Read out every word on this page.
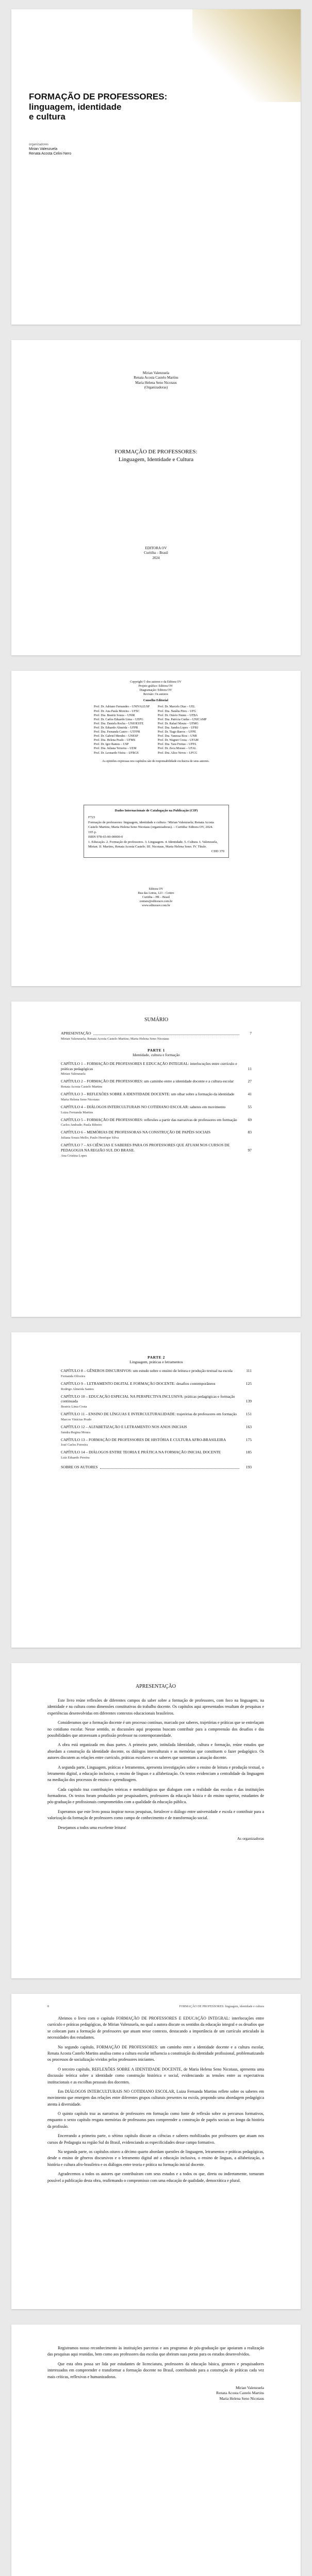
FORMAÇÃO DE PROFESSORES:
linguagem, identidade
e cultura
organizadores
Mirian Valenzuela
Renata Acosta Celini Nero
Mirian Valenzuela
Renata Acosta Castelo Martins
Maria Helena Seno Nicotaus
(Organizadoras)
FORMAÇÃO DE PROFESSORES:
Linguagem, Identidade e Cultura
EDITORA OV
Curitiba – Brasil
2024
Copyright © dos autores e da Editora OV
Projeto gráfico: Editora OV
Diagramação: Editora OV
Revisão: Os autores
Conselho Editorial
Prof. Dr. Adriano Fernandes – UNIVALE/SP
Prof. Dr. Ana Paula Moreira – UFSC
Prof. Dra. Beatriz Souza – UNIR
Prof. Dr. Carlos Eduardo Lima – UEPG
Prof. Dra. Daniela Rocha – UNIOESTE
Prof. Dr. Eduardo Almeida – UFPR
Prof. Dra. Fernanda Castro – UTFPR
Prof. Dr. Gabriel Mendes – UNESP
Prof. Dra. Helena Prado – UFMS
Prof. Dr. Igor Ramos – USP
Prof. Dra. Juliana Teixeira – UEM
Prof. Dr. Leonardo Vieira – UFRGS
Prof. Dr. Marcelo Dias – UEL
Prof. Dra. Natália Pires – UFG
Prof. Dr. Otávio Nunes – UFBA
Prof. Dra. Patrícia Cunha – UNICAMP
Prof. Dr. Rafael Moura – UFMG
Prof. Dra. Sandra Lopes – UFRJ
Prof. Dr. Tiago Barros – UFPE
Prof. Dra. Vanessa Rios – UNB
Prof. Dr. Wagner Costa – UFAM
Prof. Dra. Yara Freitas – UFPA
Prof. Dr. Zeca Moraes – UFAL
Prof. Dra. Alice Neves – UFCG
As opiniões expressas nos capítulos são de responsabilidade exclusiva de seus autores.
Dados Internacionais de Catalogação na Publicação (CIP)
F723
Formação de professores: linguagem, identidade e cultura / Mirian Valenzuela; Renata Acosta Castelo Martins; Maria Helena Seno Nicotaus (organizadoras). – Curitiba: Editora OV, 2024.
195 p.
ISBN 978-65-00-00000-0
1. Educação. 2. Formação de professores. 3. Linguagem. 4. Identidade. 5. Cultura. I. Valenzuela, Mirian. II. Martins, Renata Acosta Castelo. III. Nicotaus, Maria Helena Seno. IV. Título.
CDD 370
Editora OV
Rua das Letras, 123 – Centro
Curitiba – PR – Brasil
contato@editoraov.com.br
www.editoraov.com.br
SUMÁRIO
APRESENTAÇÃO	7
Mirian Valenzuela; Renata Acosta Castelo Martins; Maria Helena Seno Nicotaus
PARTE 1
Identidade, cultura e formação
CAPÍTULO 1 – FORMAÇÃO DE PROFESSORES E EDUCAÇÃO INTEGRAL: interlocuções entre currículo e práticas pedagógicas	11
Mirian Valenzuela
CAPÍTULO 2 – FORMAÇÃO DE PROFESSORES: um caminho entre a identidade docente e a cultura escolar	27
Renata Acosta Castelo Martins
CAPÍTULO 3 – REFLEXÕES SOBRE A IDENTIDADE DOCENTE: um olhar sobre a formação da identidade	41
Maria Helena Seno Nicotaus
CAPÍTULO 4 – DIÁLOGOS INTERCULTURAIS NO COTIDIANO ESCOLAR: saberes em movimento	55
Luiza Fernanda Martins
CAPÍTULO 5 – FORMAÇÃO DE PROFESSORES: reflexões a partir das narrativas de professores em formação	69
Carlos Andrade; Paula Ribeiro
CAPÍTULO 6 – MEMÓRIAS DE PROFESSORAS NA CONSTRUÇÃO DE PAPÉIS SOCIAIS	83
Juliana Souza Mello; Paulo Henrique Silva
CAPÍTULO 7 – AS CIÊNCIAS E SABERES PARA OS PROFESSORES QUE ATUAM NOS CURSOS DE PEDAGOGIA NA REGIÃO SUL DO BRASIL	97
Ana Cristina Lopes
PARTE 2
Linguagem, práticas e letramentos
CAPÍTULO 8 – GÊNEROS DISCURSIVOS: um estudo sobre o ensino de leitura e produção textual na escola	111
Fernanda Oliveira
CAPÍTULO 9 – LETRAMENTO DIGITAL E FORMAÇÃO DOCENTE: desafios contemporâneos	125
Rodrigo Almeida Santos
CAPÍTULO 10 – EDUCAÇÃO ESPECIAL NA PERSPECTIVA INCLUSIVA: práticas pedagógicas e formação continuada	139
Beatriz Lima Costa
CAPÍTULO 11 – ENSINO DE LÍNGUAS E INTERCULTURALIDADE: trajetórias de professores em formação	151
Marcos Vinícius Prado
CAPÍTULO 12 – ALFABETIZAÇÃO E LETRAMENTO NOS ANOS INICIAIS	163
Sandra Regina Moura
CAPÍTULO 13 – FORMAÇÃO DE PROFESSORES DE HISTÓRIA E CULTURA AFRO-BRASILEIRA	175
José Carlos Ferreira
CAPÍTULO 14 – DIÁLOGOS ENTRE TEORIA E PRÁTICA NA FORMAÇÃO INICIAL DOCENTE	185
Luiz Eduardo Pereira
SOBRE OS AUTORES	193
APRESENTAÇÃO

Este livro reúne reflexões de diferentes campos do saber sobre a formação de professores, com foco na linguagem, na identidade e na cultura como dimensões constitutivas do trabalho docente. Os capítulos aqui apresentados resultam de pesquisas e experiências desenvolvidas em diferentes contextos educacionais brasileiros.

Consideramos que a formação docente é um processo contínuo, marcado por saberes, trajetórias e práticas que se entrelaçam no cotidiano escolar. Nesse sentido, as discussões aqui propostas buscam contribuir para a compreensão dos desafios e das possibilidades que atravessam a profissão professor na contemporaneidade.

A obra está organizada em duas partes. A primeira parte, intitulada Identidade, cultura e formação, reúne estudos que abordam a construção da identidade docente, os diálogos interculturais e as memórias que constituem o fazer pedagógico. Os autores discutem as relações entre currículo, práticas escolares e os saberes que sustentam a atuação docente.

A segunda parte, Linguagem, práticas e letramentos, apresenta investigações sobre o ensino de leitura e produção textual, o letramento digital, a educação inclusiva, o ensino de línguas e a alfabetização. Os textos evidenciam a centralidade da linguagem na mediação dos processos de ensino e aprendizagem.

Cada capítulo traz contribuições teóricas e metodológicas que dialogam com a realidade das escolas e das instituições formadoras. Os textos foram produzidos por pesquisadores, professores da educação básica e do ensino superior, estudantes de pós-graduação e profissionais comprometidos com a qualidade da educação pública.

Esperamos que este livro possa inspirar novas pesquisas, fortalecer o diálogo entre universidade e escola e contribuir para a valorização da formação de professores como campo de conhecimento e de transformação social.

Desejamos a todos uma excelente leitura!

As organizadoras
8	FORMAÇÃO DE PROFESSORES: linguagem, identidade e cultura

Abrimos o livro com o capítulo FORMAÇÃO DE PROFESSORES E EDUCAÇÃO INTEGRAL: interlocuções entre currículo e práticas pedagógicas, de Mirian Valenzuela, no qual a autora discute os sentidos da educação integral e os desafios que se colocam para a formação de professores que atuam nesse contexto, destacando a importância de um currículo articulado às necessidades dos estudantes.

No segundo capítulo, FORMAÇÃO DE PROFESSORES: um caminho entre a identidade docente e a cultura escolar, Renata Acosta Castelo Martins analisa como a cultura escolar influencia a constituição da identidade profissional, problematizando os processos de socialização vividos pelos professores iniciantes.

O terceiro capítulo, REFLEXÕES SOBRE A IDENTIDADE DOCENTE, de Maria Helena Seno Nicotaus, apresenta uma discussão teórica sobre a identidade como construção histórica e social, evidenciando as tensões entre as expectativas institucionais e as escolhas pessoais dos docentes.

Em DIÁLOGOS INTERCULTURAIS NO COTIDIANO ESCOLAR, Luiza Fernanda Martins reflete sobre os saberes em movimento que emergem das relações entre diferentes grupos culturais presentes na escola, propondo uma abordagem pedagógica atenta à diversidade.

O quinto capítulo traz as narrativas de professores em formação como fonte de reflexão sobre os percursos formativos, enquanto o sexto capítulo resgata memórias de professoras para compreender a construção de papéis sociais ao longo da história da profissão.

Encerrando a primeira parte, o sétimo capítulo discute as ciências e saberes mobilizados por professores que atuam nos cursos de Pedagogia na região Sul do Brasil, evidenciando as especificidades desse campo formativo.

Na segunda parte, os capítulos oitavo a décimo quarto abordam questões de linguagem, letramentos e práticas pedagógicas, desde o ensino de gêneros discursivos e o letramento digital até a educação inclusiva, o ensino de línguas, a alfabetização, a história e cultura afro-brasileira e os diálogos entre teoria e prática na formação inicial docente.

Agradecemos a todos os autores que contribuíram com seus estudos e a todos os que, direta ou indiretamente, tornaram possível a publicação desta obra, reafirmando o compromisso com uma educação de qualidade, democrática e plural.

Registramos nosso reconhecimento às instituições parceiras e aos programas de pós-graduação que apoiaram a realização das pesquisas aqui reunidas, bem como aos professores das escolas que abriram suas portas para os estudos desenvolvidos.

Que esta obra possa ser lida por estudantes de licenciatura, professores da educação básica, gestores e pesquisadores interessados em compreender e transformar a formação docente no Brasil, contribuindo para a construção de práticas cada vez mais críticas, reflexivas e humanizadoras.

Mirian Valenzuela
Renata Acosta Castelo Martins
Maria Helena Seno Nicotaus
